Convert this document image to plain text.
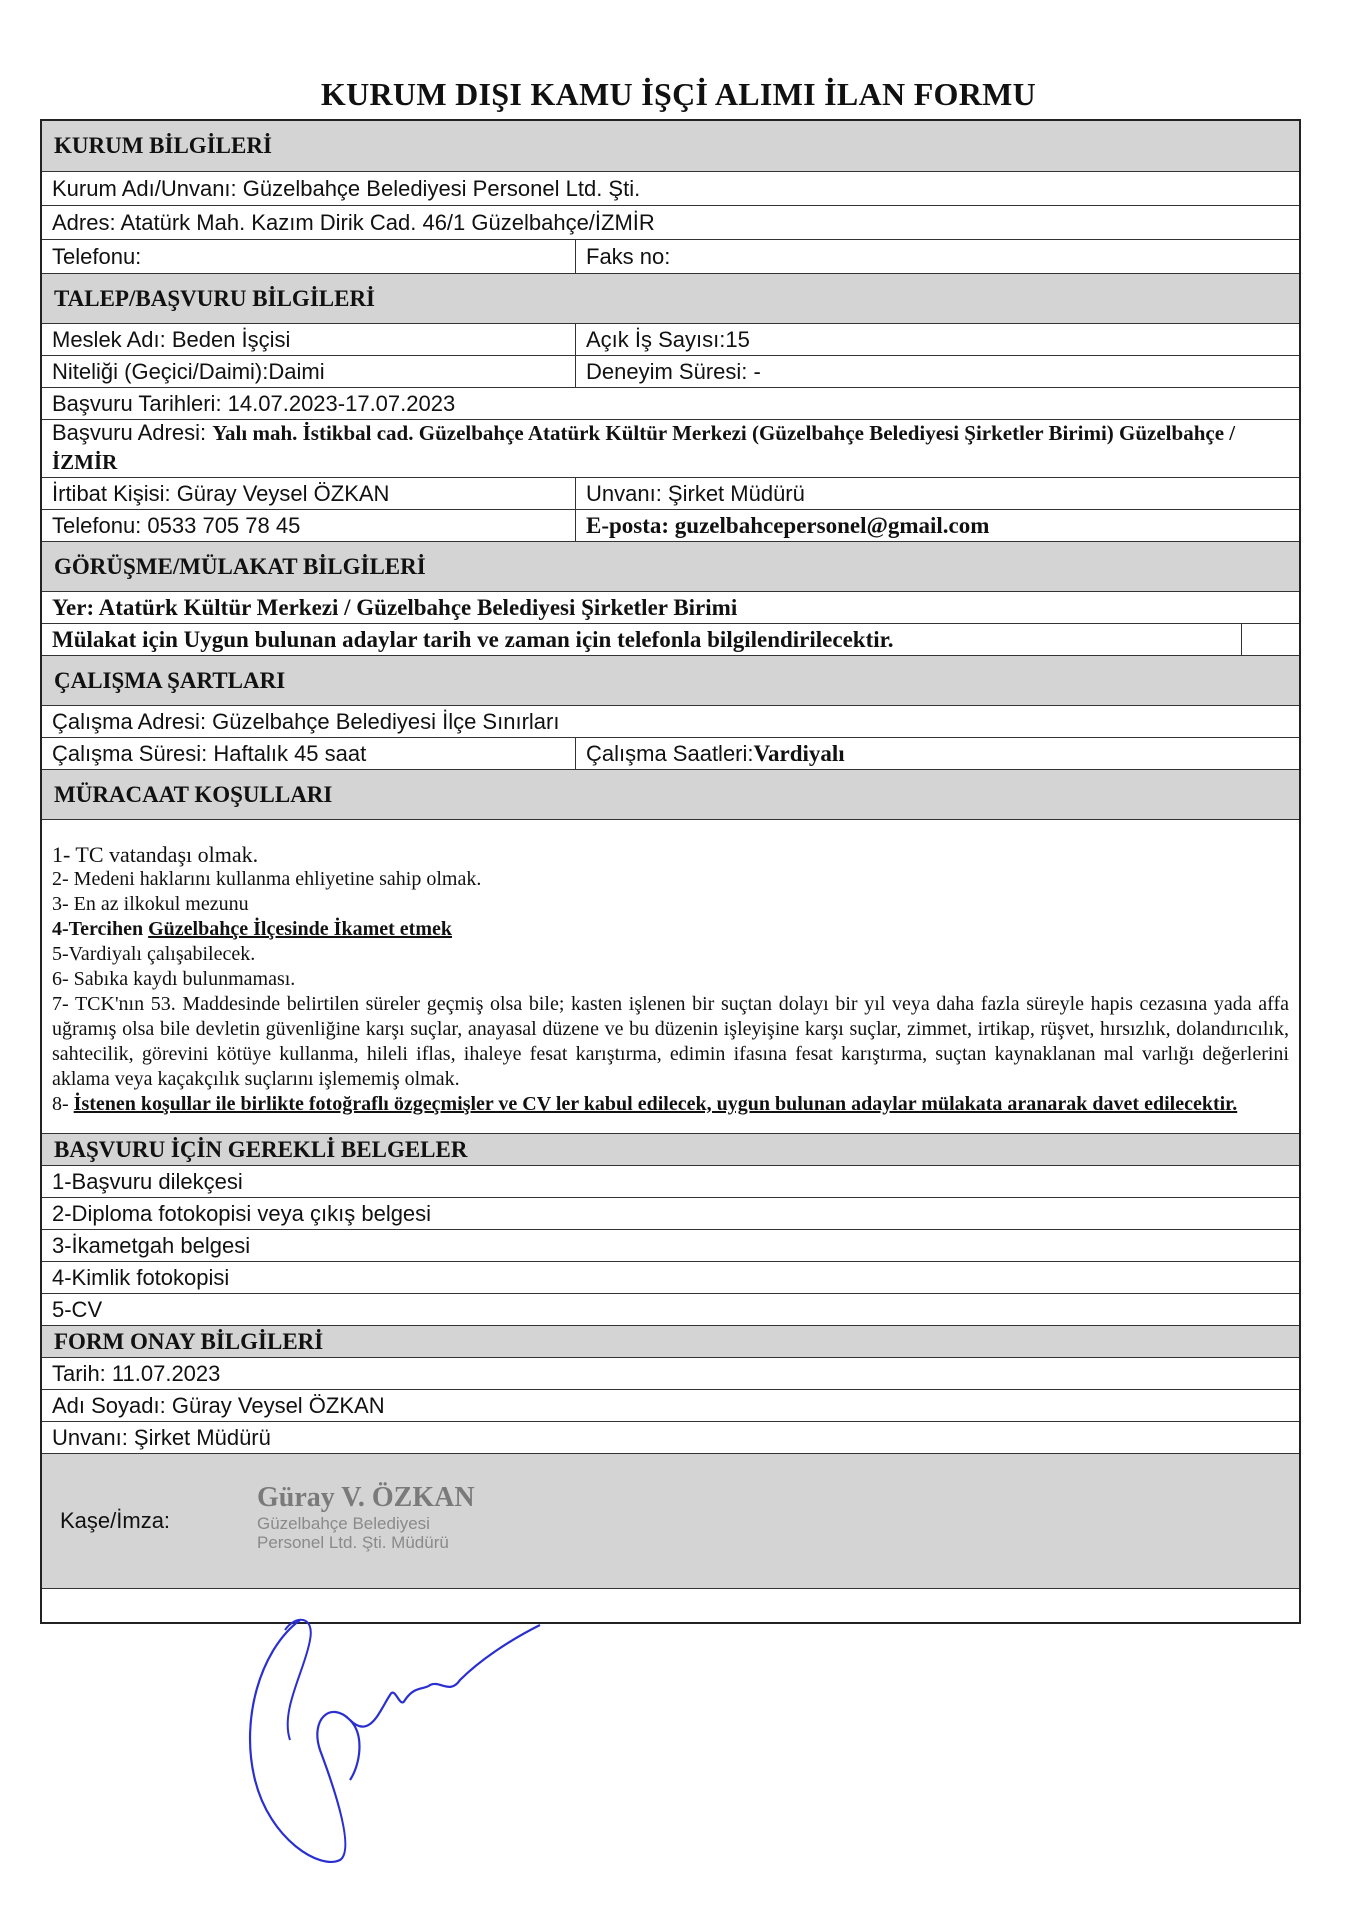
KURUM DIŞI KAMU İŞÇİ ALIMI İLAN FORMU
KURUM BİLGİLERİ
Kurum Adı/Unvanı: Güzelbahçe Belediyesi Personel Ltd. Şti.
Adres: Atatürk Mah. Kazım Dirik Cad. 46/1 Güzelbahçe/İZMİR
Telefonu:	Faks no:
TALEP/BAŞVURU BİLGİLERİ
Meslek Adı: Beden İşçisi	Açık İş Sayısı:15
Niteliği (Geçici/Daimi):Daimi	Deneyim Süresi: -
Başvuru Tarihleri: 14.07.2023-17.07.2023
Başvuru Adresi: Yalı mah. İstikbal cad. Güzelbahçe Atatürk Kültür Merkezi (Güzelbahçe Belediyesi Şirketler Birimi) Güzelbahçe /İZMİR
İrtibat Kişisi: Güray Veysel ÖZKAN	Unvanı: Şirket Müdürü
Telefonu: 0533 705 78 45	E-posta: guzelbahcepersonel@gmail.com
GÖRÜŞME/MÜLAKAT BİLGİLERİ
Yer: Atatürk Kültür Merkezi / Güzelbahçe Belediyesi Şirketler Birimi
Mülakat için Uygun bulunan adaylar tarih ve zaman için telefonla bilgilendirilecektir.
ÇALIŞMA ŞARTLARI
Çalışma Adresi: Güzelbahçe Belediyesi İlçe Sınırları
Çalışma Süresi: Haftalık 45 saat	Çalışma Saatleri: Vardiyalı
MÜRACAAT KOŞULLARI

1- TC vatandaşı olmak.

2- Medeni haklarını kullanma ehliyetine sahip olmak.

3- En az ilkokul mezunu

4-Tercihen Güzelbahçe İlçesinde İkamet etmek

5-Vardiyalı çalışabilecek.

6- Sabıka kaydı bulunmaması.

7- TCK'nın 53. Maddesinde belirtilen süreler geçmiş olsa bile; kasten işlenen bir suçtan dolayı bir yıl veya daha fazla süreyle hapis cezasına yada affa uğramış olsa bile devletin güvenliğine karşı suçlar, anayasal düzene ve bu düzenin işleyişine karşı suçlar, zimmet, irtikap, rüşvet, hırsızlık, dolandırıcılık, sahtecilik, görevini kötüye kullanma, hileli iflas, ihaleye fesat karıştırma, edimin ifasına fesat karıştırma, suçtan kaynaklanan mal varlığı değerlerini aklama veya kaçakçılık suçlarını işlememiş olmak.

8- İstenen koşullar ile birlikte fotoğraflı özgeçmişler ve CV ler kabul edilecek, uygun bulunan adaylar mülakata aranarak davet edilecektir.

BAŞVURU İÇİN GEREKLİ BELGELER
1-Başvuru dilekçesi
2-Diploma fotokopisi veya çıkış belgesi
3-İkametgah belgesi
4-Kimlik fotokopisi
5-CV
FORM ONAY BİLGİLERİ
Tarih: 11.07.2023
Adı Soyadı: Güray Veysel ÖZKAN
Unvanı: Şirket Müdürü
Kaşe/İmza:
Güray V. ÖZKAN
Güzelbahçe Belediyesi
Personel Ltd. Şti. Müdürü
